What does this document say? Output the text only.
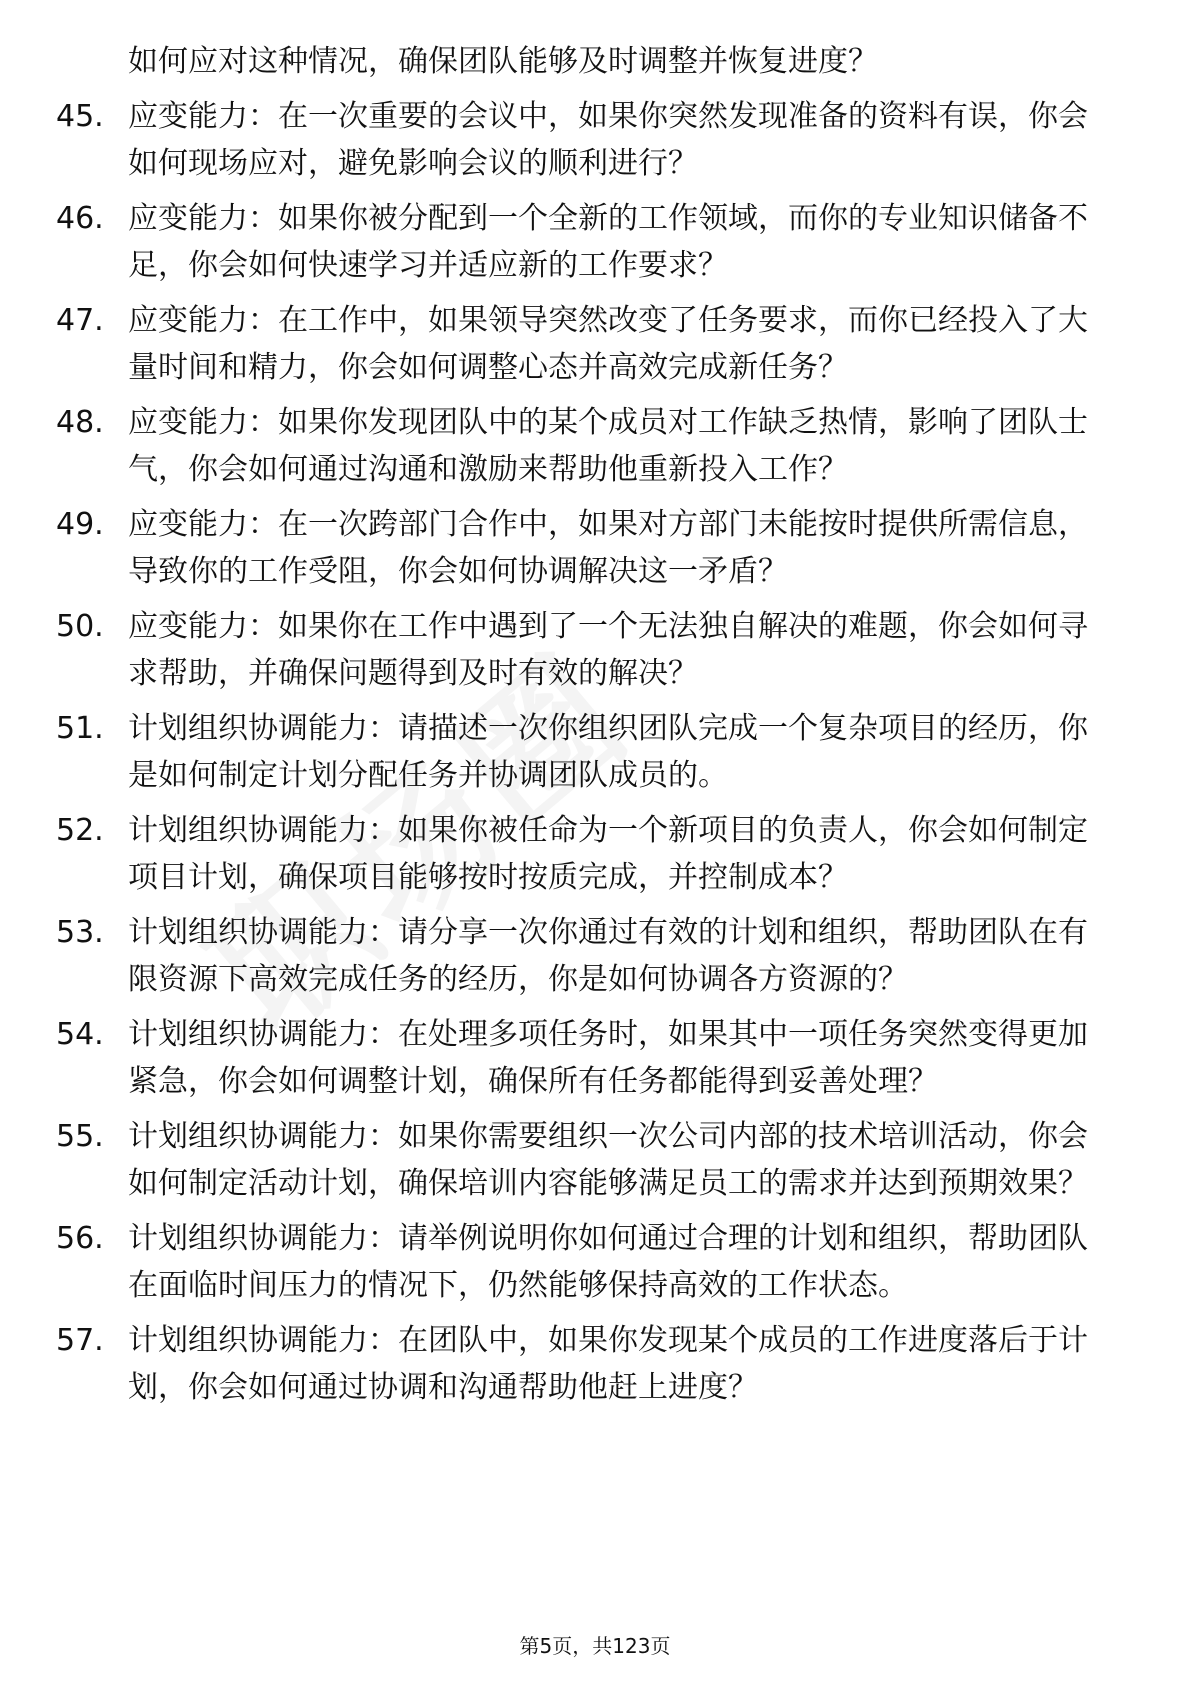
如何应对这种情况，确保团队能够及时调整并恢复进度？
45. 应变能力：在一次重要的会议中，如果你突然发现准备的资料有误，你会如何现场应对，避免影响会议的顺利进行？
46. 应变能力：如果你被分配到一个全新的工作领域，而你的专业知识储备不足，你会如何快速学习并适应新的工作要求？
47. 应变能力：在工作中，如果领导突然改变了任务要求，而你已经投入了大量时间和精力，你会如何调整心态并高效完成新任务？
48. 应变能力：如果你发现团队中的某个成员对工作缺乏热情，影响了团队士气，你会如何通过沟通和激励来帮助他重新投入工作？
49. 应变能力：在一次跨部门合作中，如果对方部门未能按时提供所需信息，导致你的工作受阻，你会如何协调解决这一矛盾？
50. 应变能力：如果你在工作中遇到了一个无法独自解决的难题，你会如何寻求帮助，并确保问题得到及时有效的解决？
51. 计划组织协调能力：请描述一次你组织团队完成一个复杂项目的经历，你是如何制定计划分配任务并协调团队成员的。
52. 计划组织协调能力：如果你被任命为一个新项目的负责人，你会如何制定项目计划，确保项目能够按时按质完成，并控制成本？
53. 计划组织协调能力：请分享一次你通过有效的计划和组织，帮助团队在有限资源下高效完成任务的经历，你是如何协调各方资源的？
54. 计划组织协调能力：在处理多项任务时，如果其中一项任务突然变得更加紧急，你会如何调整计划，确保所有任务都能得到妥善处理？
55. 计划组织协调能力：如果你需要组织一次公司内部的技术培训活动，你会如何制定活动计划，确保培训内容能够满足员工的需求并达到预期效果？
56. 计划组织协调能力：请举例说明你如何通过合理的计划和组织，帮助团队在面临时间压力的情况下，仍然能够保持高效的工作状态。
57. 计划组织协调能力：在团队中，如果你发现某个成员的工作进度落后于计划，你会如何通过协调和沟通帮助他赶上进度？
第5页，共123页
